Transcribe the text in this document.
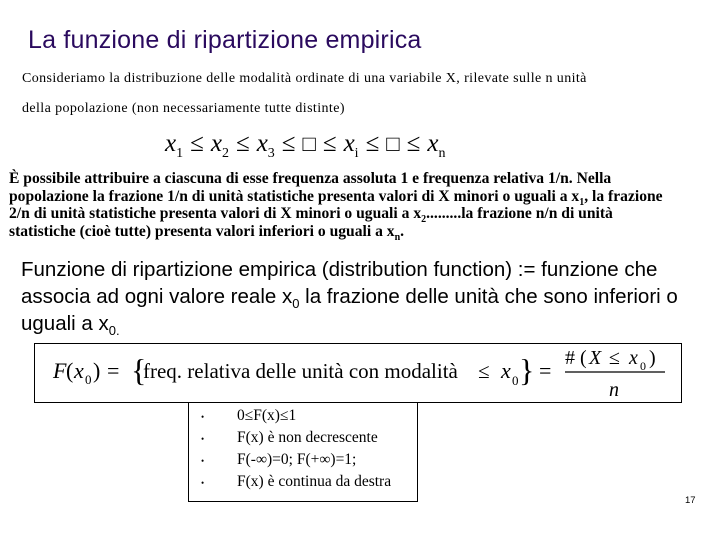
La funzione di ripartizione empirica
Consideriamo la distribuzione delle modalità ordinate di una variabile X, rilevate sulle n unità
della popolazione (non necessariamente tutte distinte)
$x_1 \le x_2 \le x_3$ ≤ □ ≤ $x_i$ ≤ □ ≤ $x_n$
È possibile attribuire a ciascuna di esse frequenza assoluta 1 e frequenza relativa 1/n. Nella popolazione la frazione 1/n di unità statistiche presenta valori di X minori o uguali a $x_1$, la frazione 2/n di unità statistiche presenta valori di X minori o uguali a $x_2.........la$ frazione n/n di unità statistiche (cioè tutte) presenta valori inferiori o uguali a $x_n$.
Funzione di ripartizione empirica (distribution function) := funzione che associa ad ogni valore reale $x_0$ la frazione delle unità che sono inferiori o uguali a $x_{0.}$
F ( x 0 ) = {
freq. relativa delle unità con modalità ≤ x 0 } = # ( X ≤ x 0 )
n
• 0≤F(x)≤1
• F(x) è non decrescente
• F(-∞)=0; F(+∞)=1;
• F(x) è continua da destra
17
